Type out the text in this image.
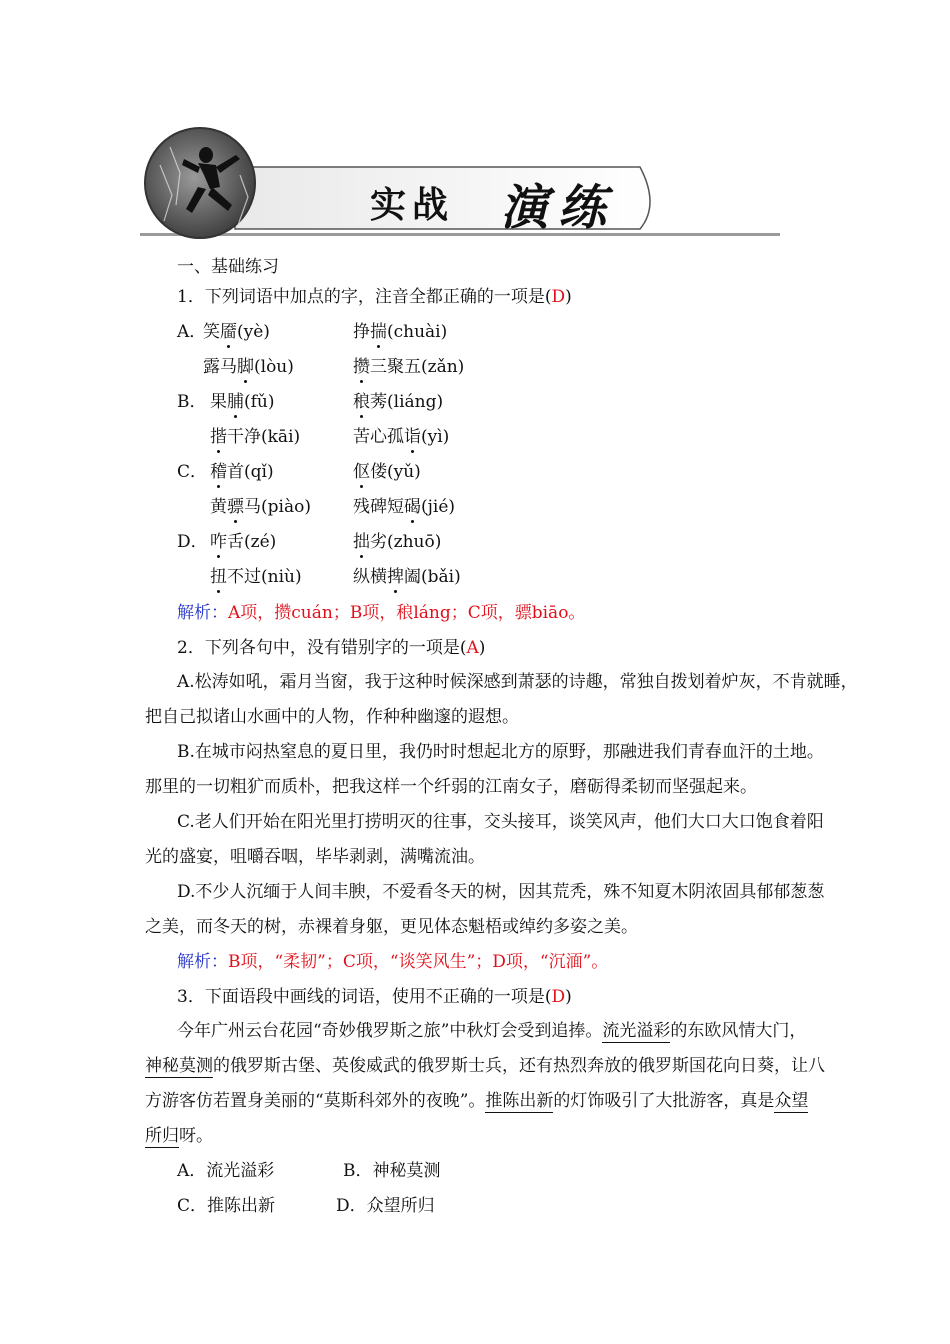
实战 演练
一、基础练习
1．下列词语中加点的字，注音全都正确的一项是(D)
A．
笑靥(yè)	挣揣(chuài)
露马脚(lòu)	攒三聚五(zǎn)
B． 果脯(fǔ)	稂莠(liáng)
揩干净(kāi)	苦心孤诣(yì)
C． 稽首(qǐ)	伛偻(yǔ)
黄骠马(piào) 残碑短碣(jié)
D． 咋舌(zé)	拙劣(zhuō)
扭不过(niù)	纵横捭阖(bǎi)
解析：A项，攒cuán；B项，稂láng；C项，骠biāo。
2．下列各句中，没有错别字的一项是(A)
A.松涛如吼，霜月当窗，我于这种时候深感到萧瑟的诗趣，常独自拨划着炉灰，不肯就睡，
把自己拟诸山水画中的人物，作种种幽邃的遐想。
B.在城市闷热窒息的夏日里，我仍时时想起北方的原野，那融进我们青春血汗的土地。
那里的一切粗犷而质朴，把我这样一个纤弱的江南女子，磨砺得柔韧而坚强起来。
C.老人们开始在阳光里打捞明灭的往事，交头接耳，谈笑风声，他们大口大口饱食着阳
光的盛宴，咀嚼吞咽，毕毕剥剥，满嘴流油。
D.不少人沉缅于人间丰腴，不爱看冬天的树，因其荒秃，殊不知夏木阴浓固具郁郁葱葱
之美，而冬天的树，赤裸着身躯，更见体态魁梧或绰约多姿之美。
解析：B项，“柔韧”；C项，“谈笑风生”；D项，“沉湎”。
3．下面语段中画线的词语，使用不正确的一项是(D)
今年广州云台花园“奇妙俄罗斯之旅”中秋灯会受到追捧。流光溢彩的东欧风情大门，
神秘莫测的俄罗斯古堡、英俊威武的俄罗斯士兵，还有热烈奔放的俄罗斯国花向日葵，让八
方游客仿若置身美丽的“莫斯科郊外的夜晚”。推陈出新的灯饰吸引了大批游客，真是众望
所归呀。
A．流光溢彩	B．神秘莫测
C．推陈出新	D．众望所归
